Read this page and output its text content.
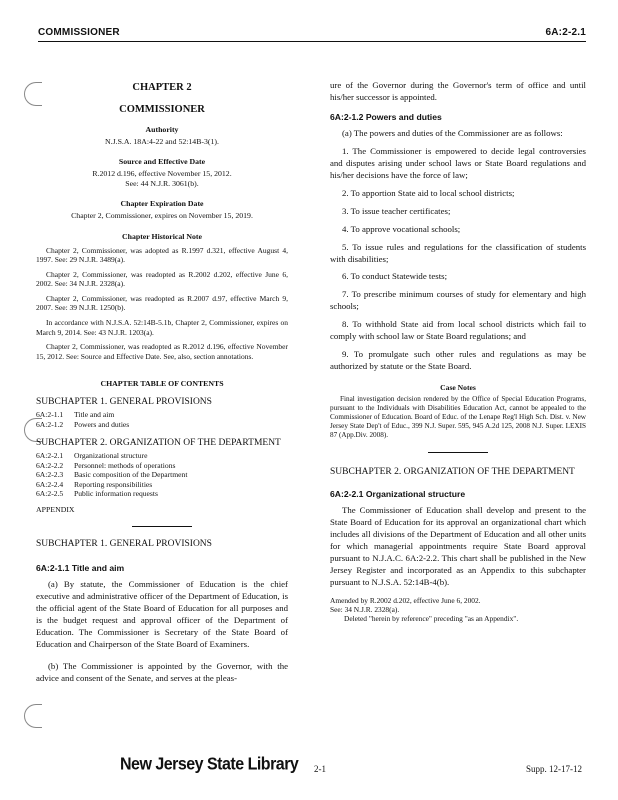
COMMISSIONER	6A:2-2.1
CHAPTER 2
COMMISSIONER
Authority
N.J.S.A. 18A:4-22 and 52:14B-3(1).
Source and Effective Date
R.2012 d.196, effective November 15, 2012.
See: 44 N.J.R. 3061(b).
Chapter Expiration Date
Chapter 2, Commissioner, expires on November 15, 2019.
Chapter Historical Note
Chapter 2, Commissioner, was adopted as R.1997 d.321, effective August 4, 1997. See: 29 N.J.R. 3489(a).
Chapter 2, Commissioner, was readopted as R.2002 d.202, effective June 6, 2002. See: 34 N.J.R. 2328(a).
Chapter 2, Commissioner, was readopted as R.2007 d.97, effective March 9, 2007. See: 39 N.J.R. 1250(b).
In accordance with N.J.S.A. 52:14B-5.1b, Chapter 2, Commissioner, expires on March 9, 2014. See: 43 N.J.R. 1203(a).
Chapter 2, Commissioner, was readopted as R.2012 d.196, effective November 15, 2012. See: Source and Effective Date. See, also, section annotations.
CHAPTER TABLE OF CONTENTS
SUBCHAPTER 1. GENERAL PROVISIONS
6A:2-1.1	Title and aim
6A:2-1.2	Powers and duties
SUBCHAPTER 2. ORGANIZATION OF THE DEPARTMENT
6A:2-2.1	Organizational structure
6A:2-2.2	Personnel: methods of operations
6A:2-2.3	Basic composition of the Department
6A:2-2.4	Reporting responsibilities
6A:2-2.5	Public information requests
APPENDIX
SUBCHAPTER 1. GENERAL PROVISIONS
6A:2-1.1 Title and aim
(a) By statute, the Commissioner of Education is the chief executive and administrative officer of the Department of Education, is the official agent of the State Board of Education for all purposes and is the budget request and approval officer of the Department of Education. The Commissioner is Secretary of the State Board of Education and Chairperson of the State Board of Examiners.
(b) The Commissioner is appointed by the Governor, with the advice and consent of the Senate, and serves at the pleas-
ure of the Governor during the Governor's term of office and until his/her successor is appointed.
6A:2-1.2 Powers and duties
(a) The powers and duties of the Commissioner are as follows:
1. The Commissioner is empowered to decide legal controversies and disputes arising under school laws or State Board regulations and his/her decisions have the force of law;
2. To apportion State aid to local school districts;
3. To issue teacher certificates;
4. To approve vocational schools;
5. To issue rules and regulations for the classification of students with disabilities;
6. To conduct Statewide tests;
7. To prescribe minimum courses of study for elementary and high schools;
8. To withhold State aid from local school districts which fail to comply with school law or State Board regulations; and
9. To promulgate such other rules and regulations as may be authorized by statute or the State Board.
Case Notes
Final investigation decision rendered by the Office of Special Education Programs, pursuant to the Individuals with Disabilities Education Act, cannot be appealed to the Commissioner of Education. Board of Educ. of the Lenape Reg'l High Sch. Dist. v. New Jersey State Dep't of Educ., 399 N.J. Super. 595, 945 A.2d 125, 2008 N.J. Super. LEXIS 87 (App.Div. 2008).
SUBCHAPTER 2. ORGANIZATION OF THE DEPARTMENT
6A:2-2.1 Organizational structure
The Commissioner of Education shall develop and present to the State Board of Education for its approval an organizational chart which includes all divisions of the Department of Education and all other units for which managerial appointments require State Board approval pursuant to N.J.A.C. 6A:2-2.2. This chart shall be published in the New Jersey Register and incorporated as an Appendix to this subchapter pursuant to N.J.S.A. 52:14B-4(b).
Amended by R.2002 d.202, effective June 6, 2002.
See: 34 N.J.R. 2328(a).
Deleted "herein by reference" preceding "as an Appendix".
New Jersey State Library 2-1	Supp. 12-17-12
